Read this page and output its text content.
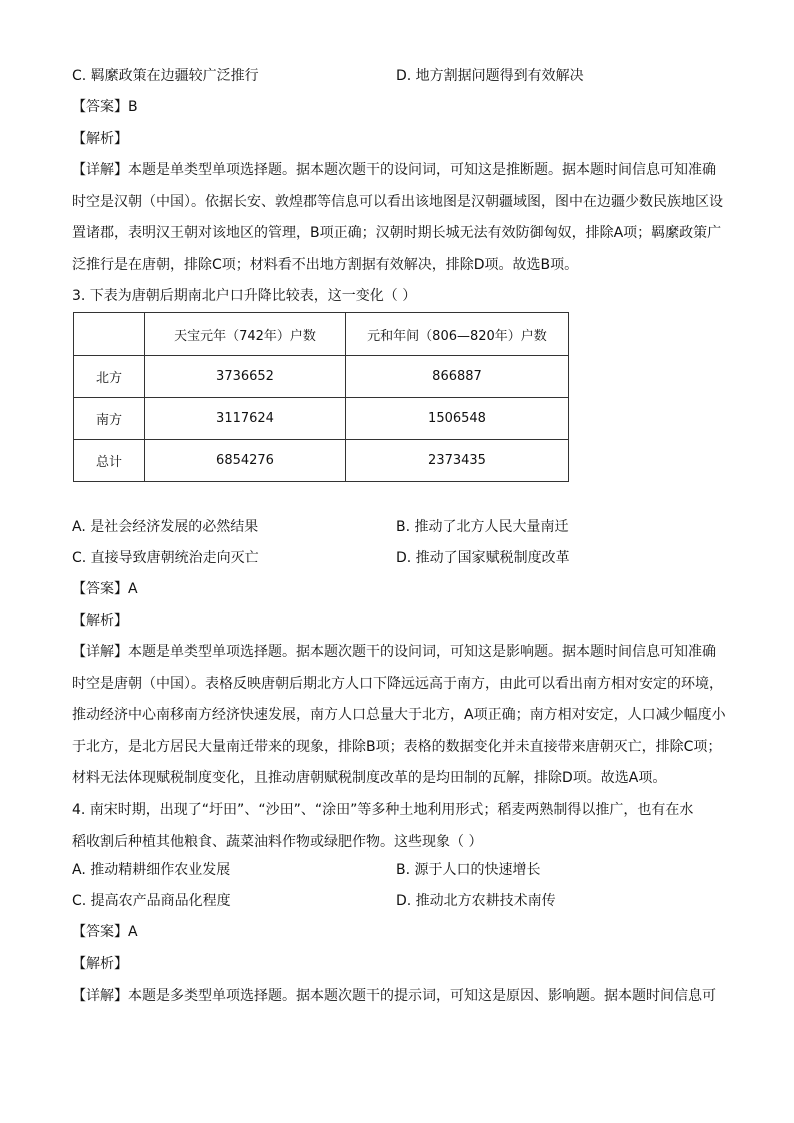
C. 羁縻政策在边疆较广泛推行	D. 地方割据问题得到有效解决
【答案】B
【解析】
【详解】本题是单类型单项选择题。据本题次题干的设问词，可知这是推断题。据本题时间信息可知准确
时空是汉朝（中国）。依据长安、敦煌郡等信息可以看出该地图是汉朝疆域图，图中在边疆少数民族地区设
置诸郡，表明汉王朝对该地区的管理，B项正确；汉朝时期长城无法有效防御匈奴，排除A项；羁縻政策广
泛推行是在唐朝，排除C项；材料看不出地方割据有效解决，排除D项。故选B项。
3. 下表为唐朝后期南北户口升降比较表，这一变化（ ）
	天宝元年（742年）户数	元和年间（806—820年）户数
北方	3736652	866887
南方	3117624	1506548
总计	6854276	2373435
A. 是社会经济发展的必然结果	B. 推动了北方人民大量南迁
C. 直接导致唐朝统治走向灭亡	D. 推动了国家赋税制度改革
【答案】A
【解析】
【详解】本题是单类型单项选择题。据本题次题干的设问词，可知这是影响题。据本题时间信息可知准确
时空是唐朝（中国）。表格反映唐朝后期北方人口下降远远高于南方，由此可以看出南方相对安定的环境，
推动经济中心南移南方经济快速发展，南方人口总量大于北方，A项正确；南方相对安定，人口减少幅度小
于北方，是北方居民大量南迁带来的现象，排除B项；表格的数据变化并未直接带来唐朝灭亡，排除C项；
材料无法体现赋税制度变化，且推动唐朝赋税制度改革的是均田制的瓦解，排除D项。故选A项。
4. 南宋时期，出现了“圩田”、“沙田”、“涂田”等多种土地利用形式；稻麦两熟制得以推广，也有在水
稻收割后种植其他粮食、蔬菜油料作物或绿肥作物。这些现象（ ）
A. 推动精耕细作农业发展	B. 源于人口的快速增长
C. 提高农产品商品化程度	D. 推动北方农耕技术南传
【答案】A
【解析】
【详解】本题是多类型单项选择题。据本题次题干的提示词，可知这是原因、影响题。据本题时间信息可
